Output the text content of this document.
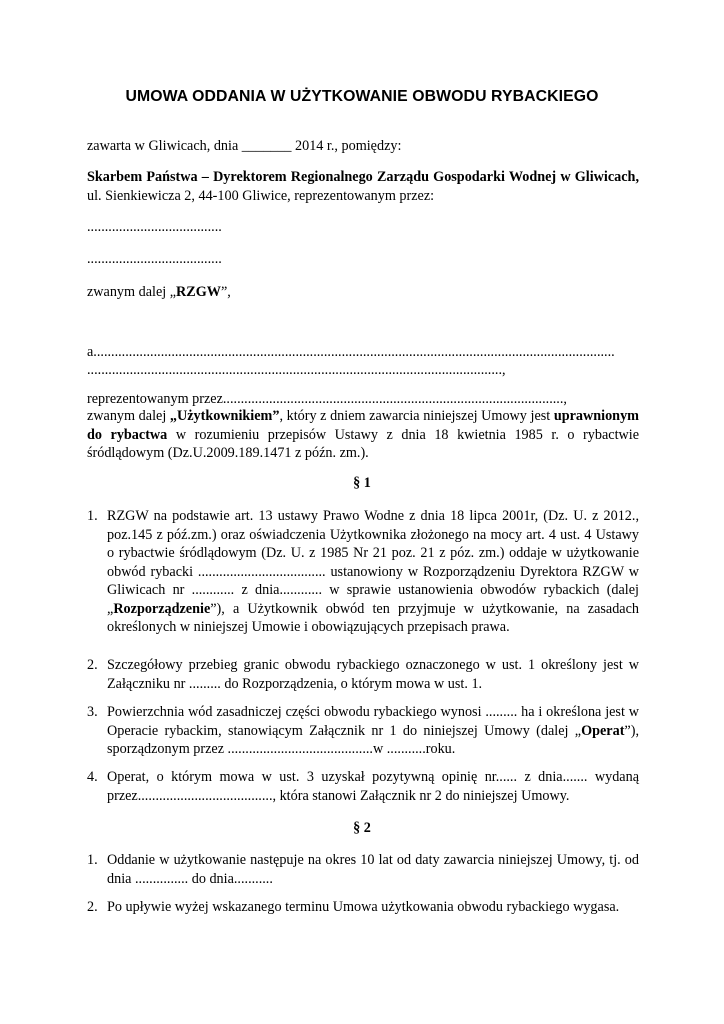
UMOWA ODDANIA W UŻYTKOWANIE OBWODU RYBACKIEGO
zawarta w Gliwicach, dnia _______ 2014 r., pomiędzy:
Skarbem Państwa – Dyrektorem Regionalnego Zarządu Gospodarki Wodnej w Gliwicach, ul. Sienkiewicza 2, 44-100 Gliwice, reprezentowanym przez:
......................................
......................................
zwanym dalej „RZGW”,
a...................................................................................................................................................
.....................................................................................................................,
reprezentowanym przez................................................................................................,
zwanym dalej „Użytkownikiem”, który z dniem zawarcia niniejszej Umowy jest uprawnionym do rybactwa w rozumieniu przepisów Ustawy z dnia 18 kwietnia 1985 r. o rybactwie śródlądowym (Dz.U.2009.189.1471 z późn. zm.).
§ 1
1. RZGW na podstawie art. 13 ustawy Prawo Wodne z dnia 18 lipca 2001r, (Dz. U. z 2012., poz.145 z póź.zm.) oraz oświadczenia Użytkownika złożonego na mocy art. 4 ust. 4 Ustawy o rybactwie śródlądowym (Dz. U. z 1985 Nr 21 poz. 21 z póz. zm.) oddaje w użytkowanie obwód rybacki .................................... ustanowiony w Rozporządzeniu Dyrektora RZGW w Gliwicach nr ............ z dnia............ w sprawie ustanowienia obwodów rybackich (dalej „Rozporządzenie”), a Użytkownik obwód ten przyjmuje w użytkowanie, na zasadach określonych w niniejszej Umowie i obowiązujących przepisach prawa.
2. Szczegółowy przebieg granic obwodu rybackiego oznaczonego w ust. 1 określony jest w Załączniku nr ......... do Rozporządzenia, o którym mowa w ust. 1.
3. Powierzchnia wód zasadniczej części obwodu rybackiego wynosi ......... ha i określona jest w Operacie rybackim, stanowiącym Załącznik nr 1 do niniejszej Umowy (dalej „Operat”), sporządzonym przez .........................................w ...........roku.
4. Operat, o którym mowa w ust. 3 uzyskał pozytywną opinię nr...... z dnia....... wydaną przez......................................, która stanowi Załącznik nr 2 do niniejszej Umowy.
§ 2
1. Oddanie w użytkowanie następuje na okres 10 lat od daty zawarcia niniejszej Umowy, tj. od dnia ............... do dnia...........
2. Po upływie wyżej wskazanego terminu Umowa użytkowania obwodu rybackiego wygasa.
